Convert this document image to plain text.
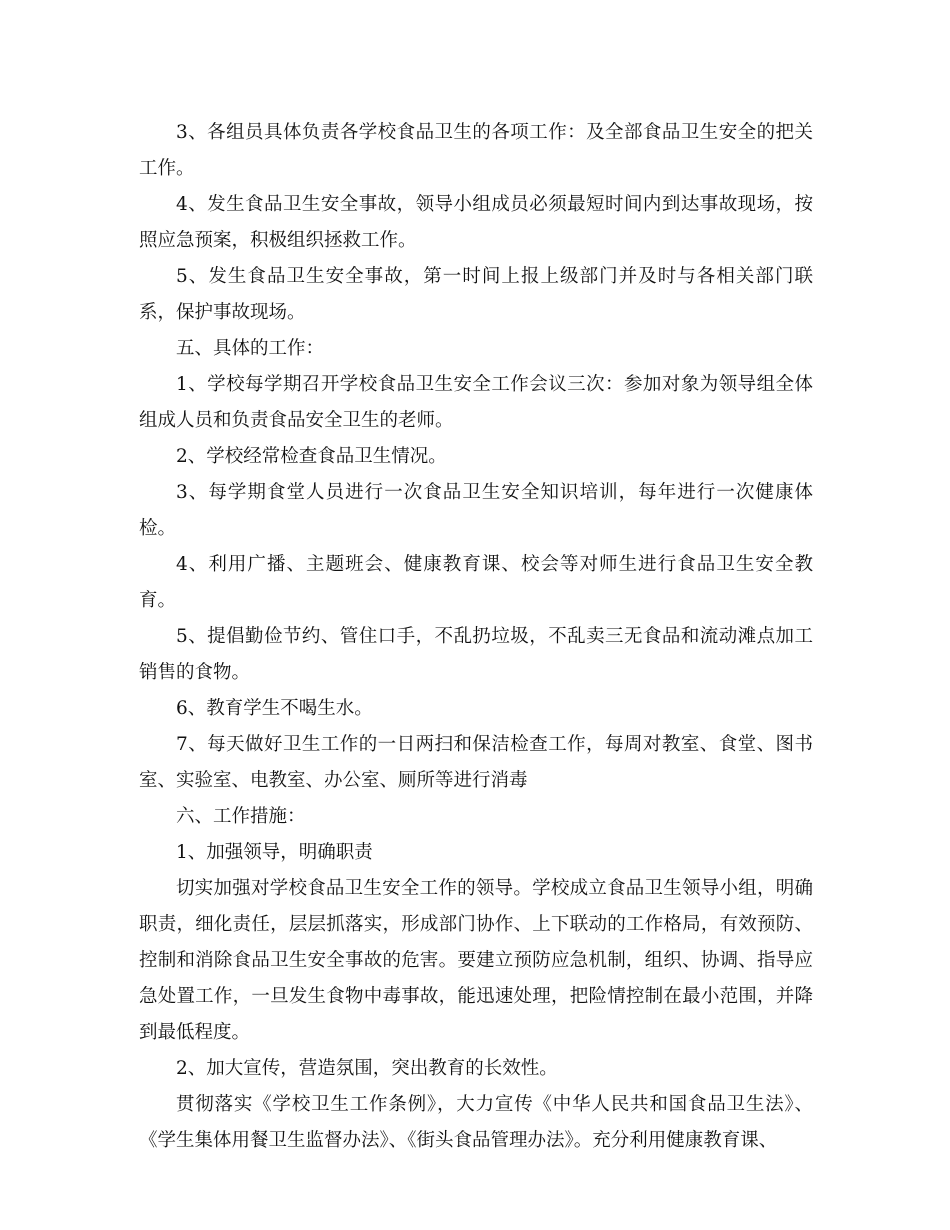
3、各组员具体负责各学校食品卫生的各项工作：及全部食品卫生安全的把关工作。

4、发生食品卫生安全事故，领导小组成员必须最短时间内到达事故现场，按照应急预案，积极组织拯救工作。

5、发生食品卫生安全事故，第一时间上报上级部门并及时与各相关部门联系，保护事故现场。

五、具体的工作：

1、学校每学期召开学校食品卫生安全工作会议三次：参加对象为领导组全体组成人员和负责食品安全卫生的老师。

2、学校经常检查食品卫生情况。

3、每学期食堂人员进行一次食品卫生安全知识培训，每年进行一次健康体检。

4、利用广播、主题班会、健康教育课、校会等对师生进行食品卫生安全教育。

5、提倡勤俭节约、管住口手，不乱扔垃圾，不乱卖三无食品和流动滩点加工销售的食物。

6、教育学生不喝生水。

7、每天做好卫生工作的一日两扫和保洁检查工作，每周对教室、食堂、图书室、实验室、电教室、办公室、厕所等进行消毒

六、工作措施：

1、加强领导，明确职责

切实加强对学校食品卫生安全工作的领导。学校成立食品卫生领导小组，明确职责，细化责任，层层抓落实，形成部门协作、上下联动的工作格局，有效预防、控制和消除食品卫生安全事故的危害。要建立预防应急机制，组织、协调、指导应急处置工作，一旦发生食物中毒事故，能迅速处理，把险情控制在最小范围，并降到最低程度。

2、加大宣传，营造氛围，突出教育的长效性。

贯彻落实《学校卫生工作条例》，大力宣传《中华人民共和国食品卫生法》、《学生集体用餐卫生监督办法》、《街头食品管理办法》。充分利用健康教育课、
